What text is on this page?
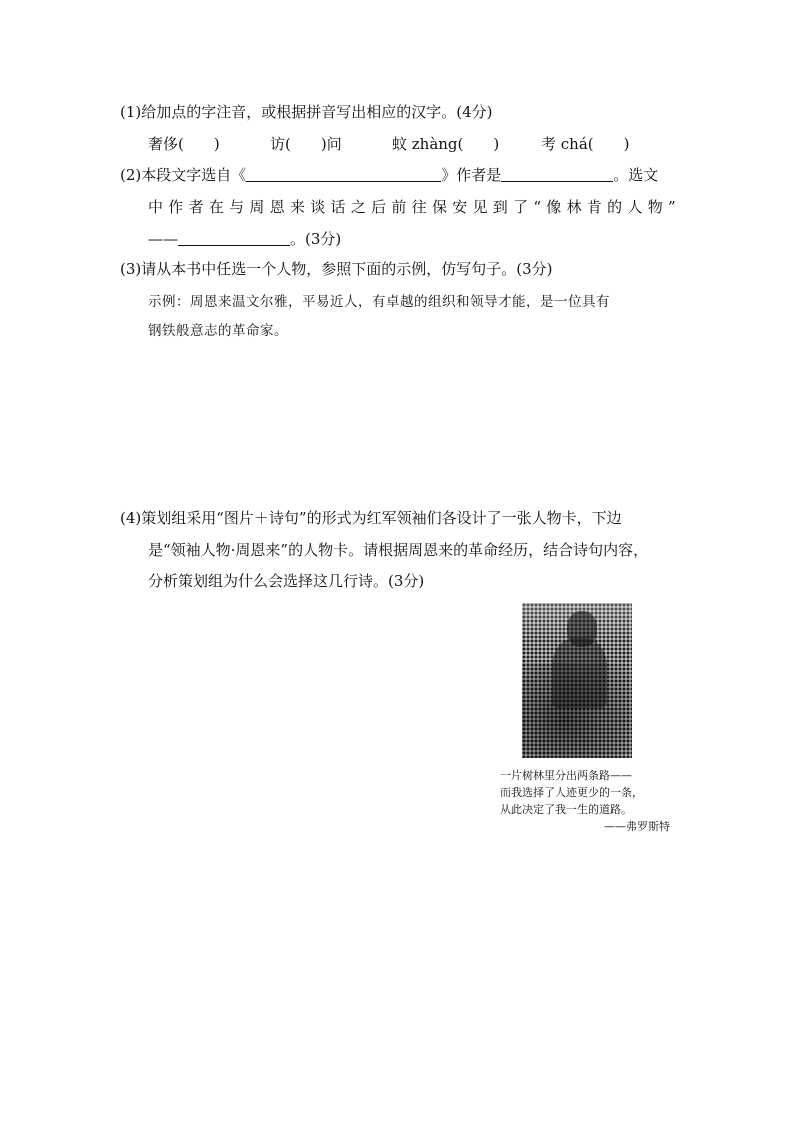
(1)给加点的字注音，或根据拼音写出相应的汉字。(4分)
奢侈(　　)	访(　　)问	蚊 zhàng(　　)	考 chá(　　)
(2)本段文字选自《	》作者是	。选文
中 作 者 在 与 周 恩 来 谈 话 之 后 前 往 保 安 见 到 了 “ 像 林 肯 的 人 物 ”
——	。(3分)
(3)请从本书中任选一个人物，参照下面的示例，仿写句子。(3分)
示例：周恩来温文尔雅，平易近人，有卓越的组织和领导才能，是一位具有
钢铁般意志的革命家。
(4)策划组采用“图片＋诗句”的形式为红军领袖们各设计了一张人物卡，下边
是“领袖人物·周恩来”的人物卡。请根据周恩来的革命经历，结合诗句内容，
分析策划组为什么会选择这几行诗。(3分)
一片树林里分出两条路——
而我选择了人迹更少的一条，
从此决定了我一生的道路。
——弗罗斯特
